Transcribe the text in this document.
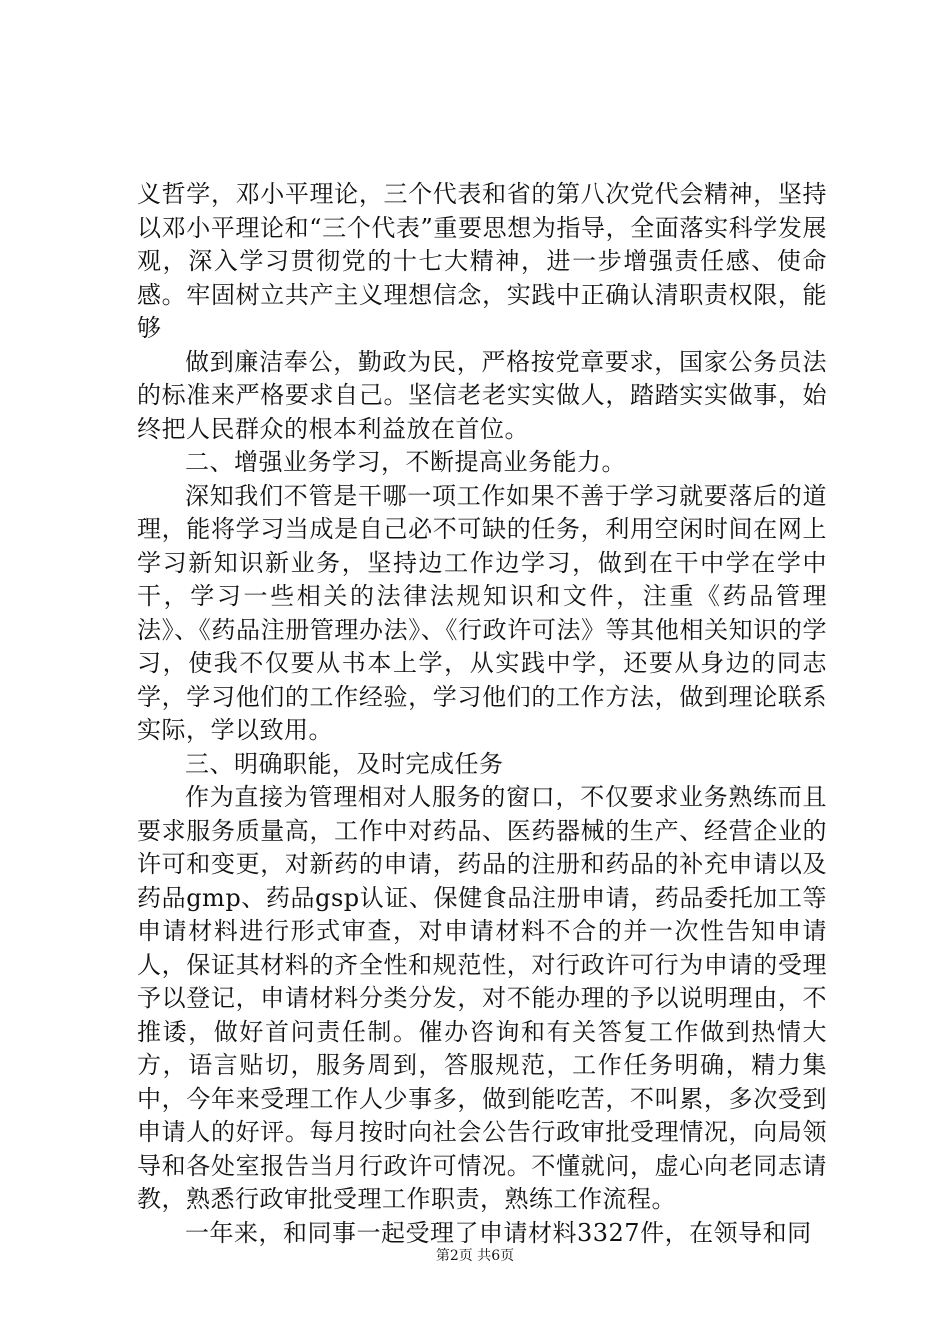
义哲学，邓小平理论，三个代表和省的第八次党代会精神，坚持以邓小平理论和“三个代表”重要思想为指导，全面落实科学发展观，深入学习贯彻党的十七大精神，进一步增强责任感、使命感。牢固树立共产主义理想信念，实践中正确认清职责权限，能够

做到廉洁奉公，勤政为民，严格按党章要求，国家公务员法的标准来严格要求自己。坚信老老实实做人，踏踏实实做事，始终把人民群众的根本利益放在首位。

二、增强业务学习，不断提高业务能力。

深知我们不管是干哪一项工作如果不善于学习就要落后的道理，能将学习当成是自己必不可缺的任务，利用空闲时间在网上学习新知识新业务，坚持边工作边学习，做到在干中学在学中干，学习一些相关的法律法规知识和文件，注重《药品管理法》、《药品注册管理办法》、《行政许可法》等其他相关知识的学习，使我不仅要从书本上学，从实践中学，还要从身边的同志学，学习他们的工作经验，学习他们的工作方法，做到理论联系实际，学以致用。

三、明确职能，及时完成任务

作为直接为管理相对人服务的窗口，不仅要求业务熟练而且要求服务质量高，工作中对药品、医药器械的生产、经营企业的许可和变更，对新药的申请，药品的注册和药品的补充申请以及药品gmp、药品gsp认证、保健食品注册申请，药品委托加工等申请材料进行形式审查，对申请材料不合的并一次性告知申请人，保证其材料的齐全性和规范性，对行政许可行为申请的受理予以登记，申请材料分类分发，对不能办理的予以说明理由，不推诿，做好首问责任制。催办咨询和有关答复工作做到热情大方，语言贴切，服务周到，答服规范，工作任务明确，精力集中，今年来受理工作人少事多，做到能吃苦，不叫累，多次受到申请人的好评。每月按时向社会公告行政审批受理情况，向局领导和各处室报告当月行政许可情况。不懂就问，虚心向老同志请教，熟悉行政审批受理工作职责，熟练工作流程。

一年来，和同事一起受理了申请材料3327件，在领导和同

第2页 共6页
